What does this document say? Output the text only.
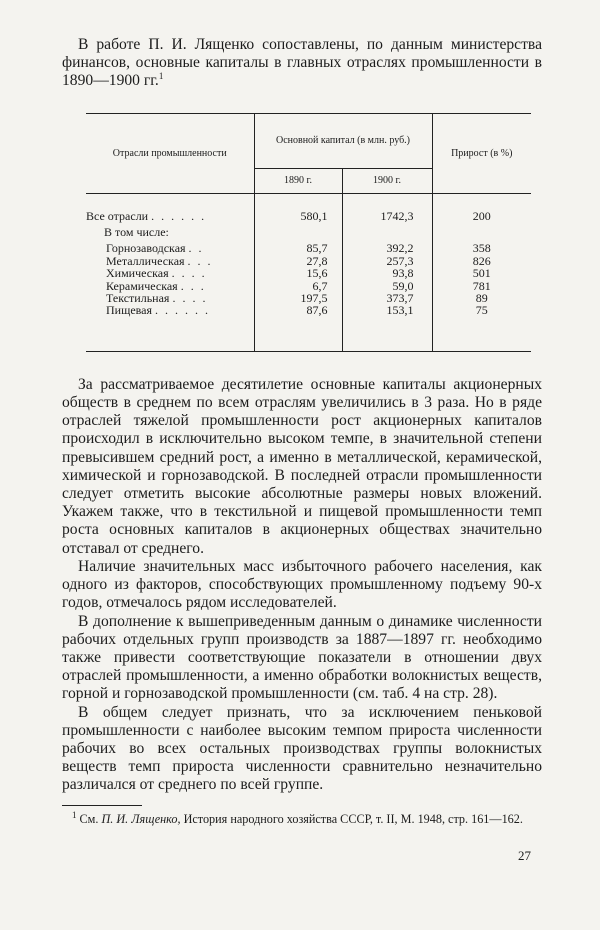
В работе П. И. Лященко сопоставлены, по данным министерства финансов, основные капиталы в главных отраслях промышленности в 1890—1900 гг.$^1$

Отрасли промышленности	Основной капитал (в млн. руб.)		Прирост (в %)
	1890 г.	1900 г.	

Все отрасли . . . . . .	580,1	1742,3	200

В том числе:			

Горнозаводская . .	85,7	392,2	358
Металлическая . . .	27,8	257,3	826
Химическая . . . .	15,6	93,8	501
Керамическая . . .	6,7	59,0	781
Текстильная . . . .	197,5	373,7	89
Пищевая . . . . . .	87,6	153,1	75

За рассматриваемое десятилетие основные капиталы акционерных обществ в среднем по всем отраслям увеличились в 3 раза. Но в ряде отраслей тяжелой промышленности рост акционерных капиталов происходил в исключительно высоком темпе, в значительной степени превысившем средний рост, а именно в металлической, керамической, химической и горнозаводской. В последней отрасли промышленности следует отметить высокие абсолютные размеры новых вложений. Укажем также, что в текстильной и пищевой промышленности темп роста основных капиталов в акционерных обществах значительно отставал от среднего.

Наличие значительных масс избыточного рабочего населения, как одного из факторов, способствующих промышленному подъему 90-х годов, отмечалось рядом исследователей.

В дополнение к вышеприведенным данным о динамике численности рабочих отдельных групп производств за 1887—1897 гг. необходимо также привести соответствующие показатели в отношении двух отраслей промышленности, а именно обработки волокнистых веществ, горной и горнозаводской промышленности (см. таб. 4 на стр. 28).

В общем следует признать, что за исключением пеньковой промышленности с наиболее высоким темпом прироста численности рабочих во всех остальных производствах группы волокнистых веществ темп прироста численности сравнительно незначительно различался от среднего по всей группе.

$^1$ См. П. И. Лященко, История народного хозяйства СССР, т. II, М. 1948, стр. 161—162.

27
